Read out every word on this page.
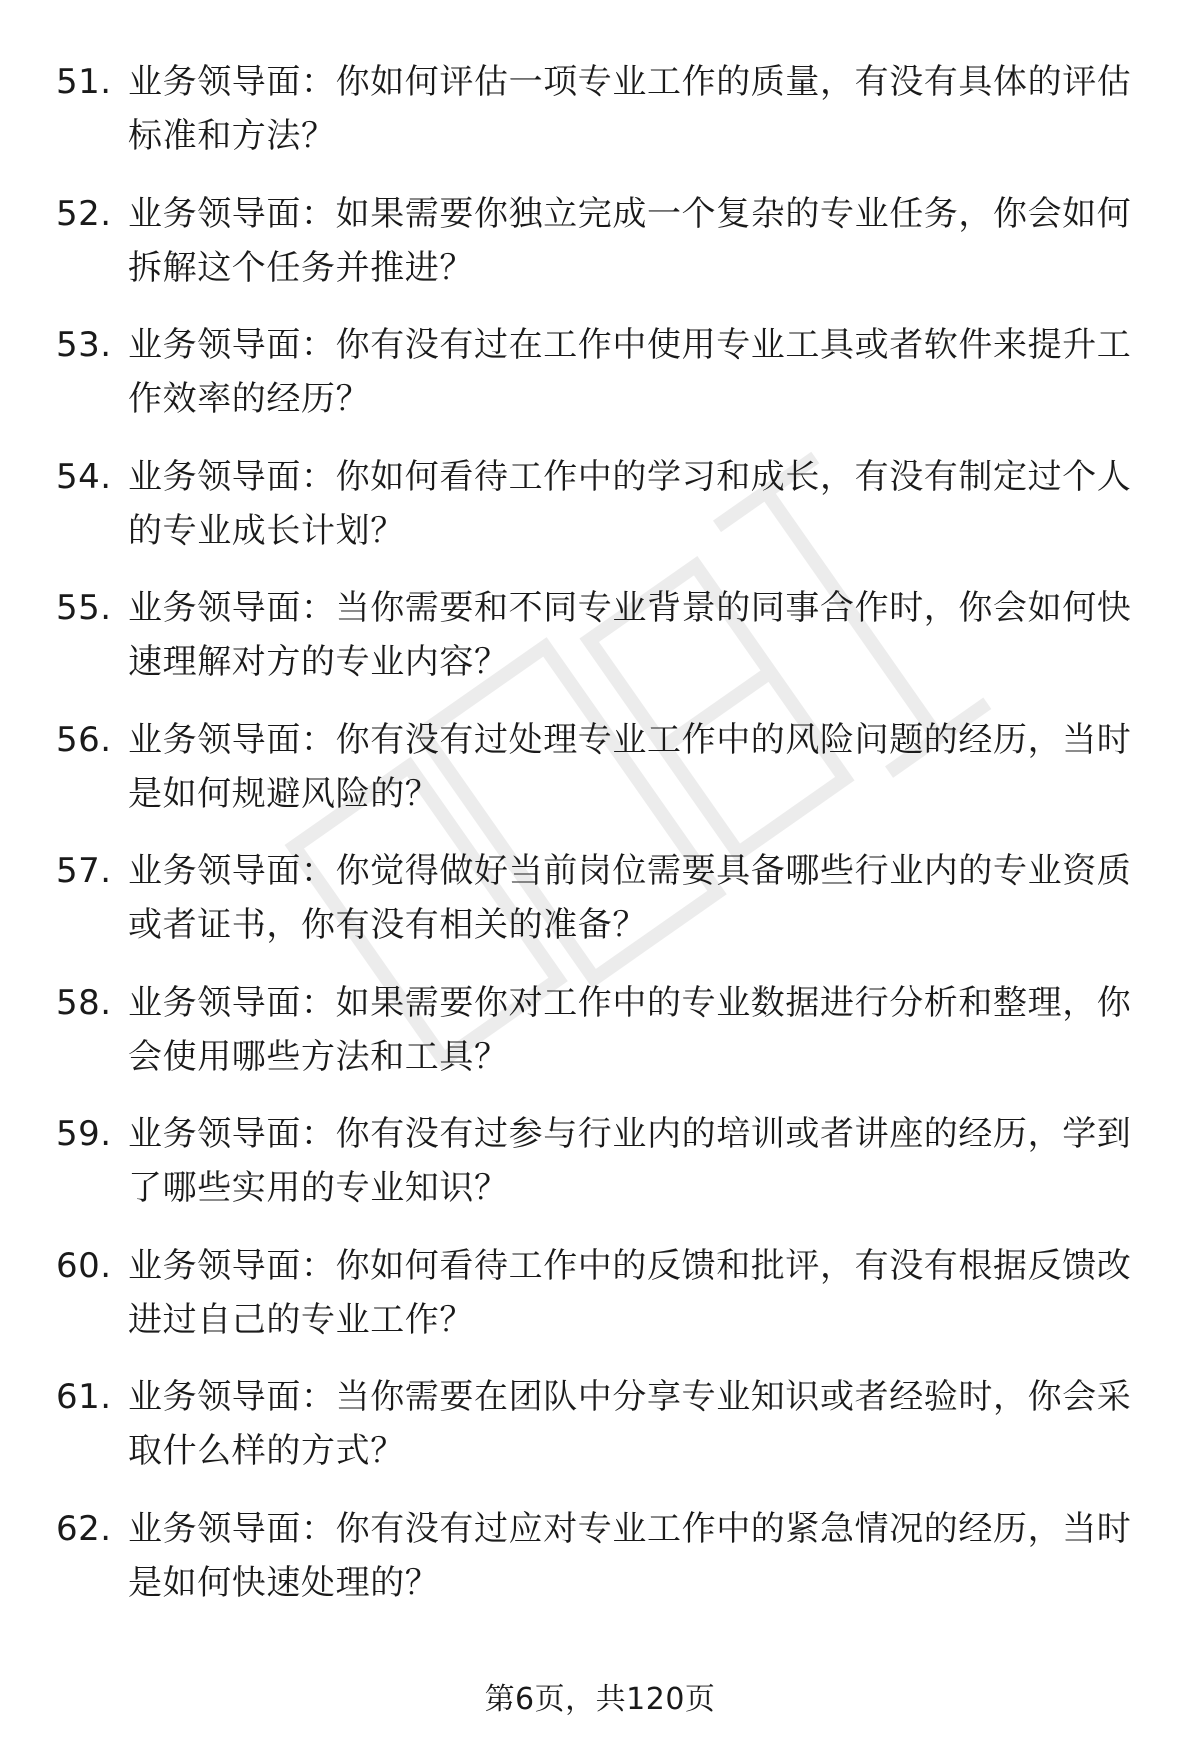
51. 业务领导面：你如何评估一项专业工作的质量，有没有具体的评估标准和方法？
52. 业务领导面：如果需要你独立完成一个复杂的专业任务，你会如何拆解这个任务并推进？
53. 业务领导面：你有没有过在工作中使用专业工具或者软件来提升工作效率的经历？
54. 业务领导面：你如何看待工作中的学习和成长，有没有制定过个人的专业成长计划？
55. 业务领导面：当你需要和不同专业背景的同事合作时，你会如何快速理解对方的专业内容？
56. 业务领导面：你有没有过处理专业工作中的风险问题的经历，当时是如何规避风险的？
57. 业务领导面：你觉得做好当前岗位需要具备哪些行业内的专业资质或者证书，你有没有相关的准备？
58. 业务领导面：如果需要你对工作中的专业数据进行分析和整理，你会使用哪些方法和工具？
59. 业务领导面：你有没有过参与行业内的培训或者讲座的经历，学到了哪些实用的专业知识？
60. 业务领导面：你如何看待工作中的反馈和批评，有没有根据反馈改进过自己的专业工作？
61. 业务领导面：当你需要在团队中分享专业知识或者经验时，你会采取什么样的方式？
62. 业务领导面：你有没有过应对专业工作中的紧急情况的经历，当时是如何快速处理的？
第6页，共120页
